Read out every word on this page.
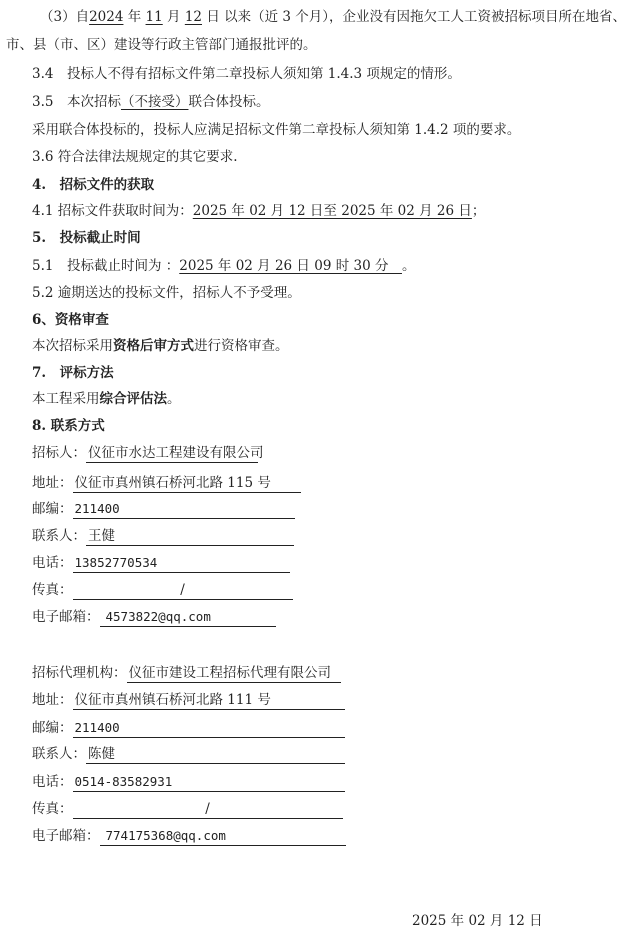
（3）自2024 年 11 月 12 日 以来（近 3 个月），企业没有因拖欠工人工资被招标项目所在地省、
市、县（市、区）建设等行政主管部门通报批评的。
3.4　投标人不得有招标文件第二章投标人须知第 1.4.3 项规定的情形。
3.5　本次招标（不接受）联合体投标。
采用联合体投标的，投标人应满足招标文件第二章投标人须知第 1.4.2 项的要求。
3.6 符合法律法规规定的其它要求.
4.　招标文件的获取
4.1 招标文件获取时间为：2025 年 02 月 12 日至 2025 年 02 月 26 日；
5.　投标截止时间
5.1　投标截止时间为 ：2025 年 02 月 26 日 09 时 30 分　。
5.2 逾期送达的投标文件，招标人不予受理。
6、资格审查
本次招标采用资格后审方式进行资格审查。
7.　评标方法
本工程采用综合评估法。
8. 联系方式
招标人： 仪征市水达工程建设有限公司
地址： 仪征市真州镇石桥河北路 115 号
邮编： 211400
联系人： 王健
电话： 13852770534
传真：	/
电子邮箱： 4573822@qq.com
招标代理机构： 仪征市建设工程招标代理有限公司
地址： 仪征市真州镇石桥河北路 111 号
邮编： 211400
联系人： 陈健
电话： 0514-83582931
传真：	/
电子邮箱： 774175368@qq.com
2025 年 02 月 12 日
